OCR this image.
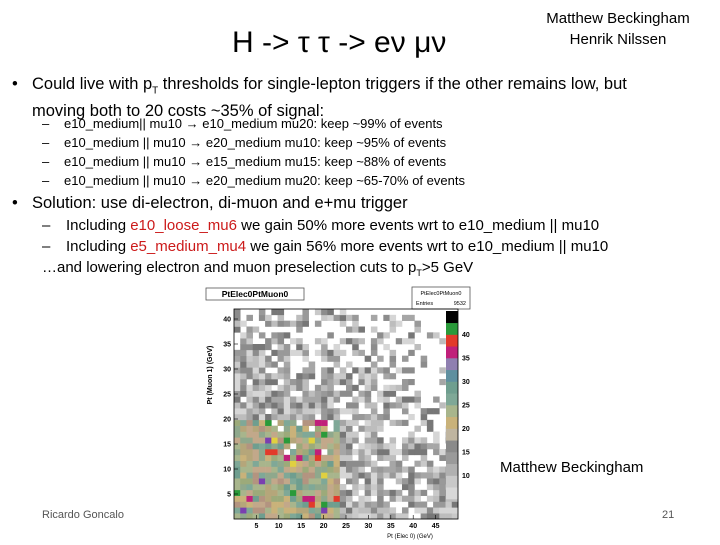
H -> τ τ -> eν μν
Matthew Beckingham
Henrik Nilssen
• Could live with $p_T$ thresholds for single-lepton triggers if the other remains low, but
moving both to 20 costs ~35% of signal:
– e10_medium|| mu10 → e10_medium mu20: keep ~99% of events
– e10_medium || mu10 → e20_medium mu10: keep ~95% of events
– e10_medium || mu10 → e15_medium mu15: keep ~88% of events
– e10_medium || mu10 → e20_medium mu20: keep ~65-70% of events
• Solution: use di-electron, di-muon and e+mu trigger
– Including e10_loose_mu6 we gain 50% more events wrt to e10_medium || mu10
– Including e5_medium_mu4 we gain 56% more events wrt to e10_medium || mu10
…and lowering electron and muon preselection cuts to $p_T>5$ GeV
PtElec0PtMuon0	PtElec0PtMuon0
Entries	9532
5 10 15 20 25 30 35 40 45
5
10
15
20
25
30
35
40
10
15
20
25
30
35
40
Pt (Elec 0) (GeV)
Pt (Muon 1) (GeV)
Matthew Beckingham
Ricardo Goncalo	21
